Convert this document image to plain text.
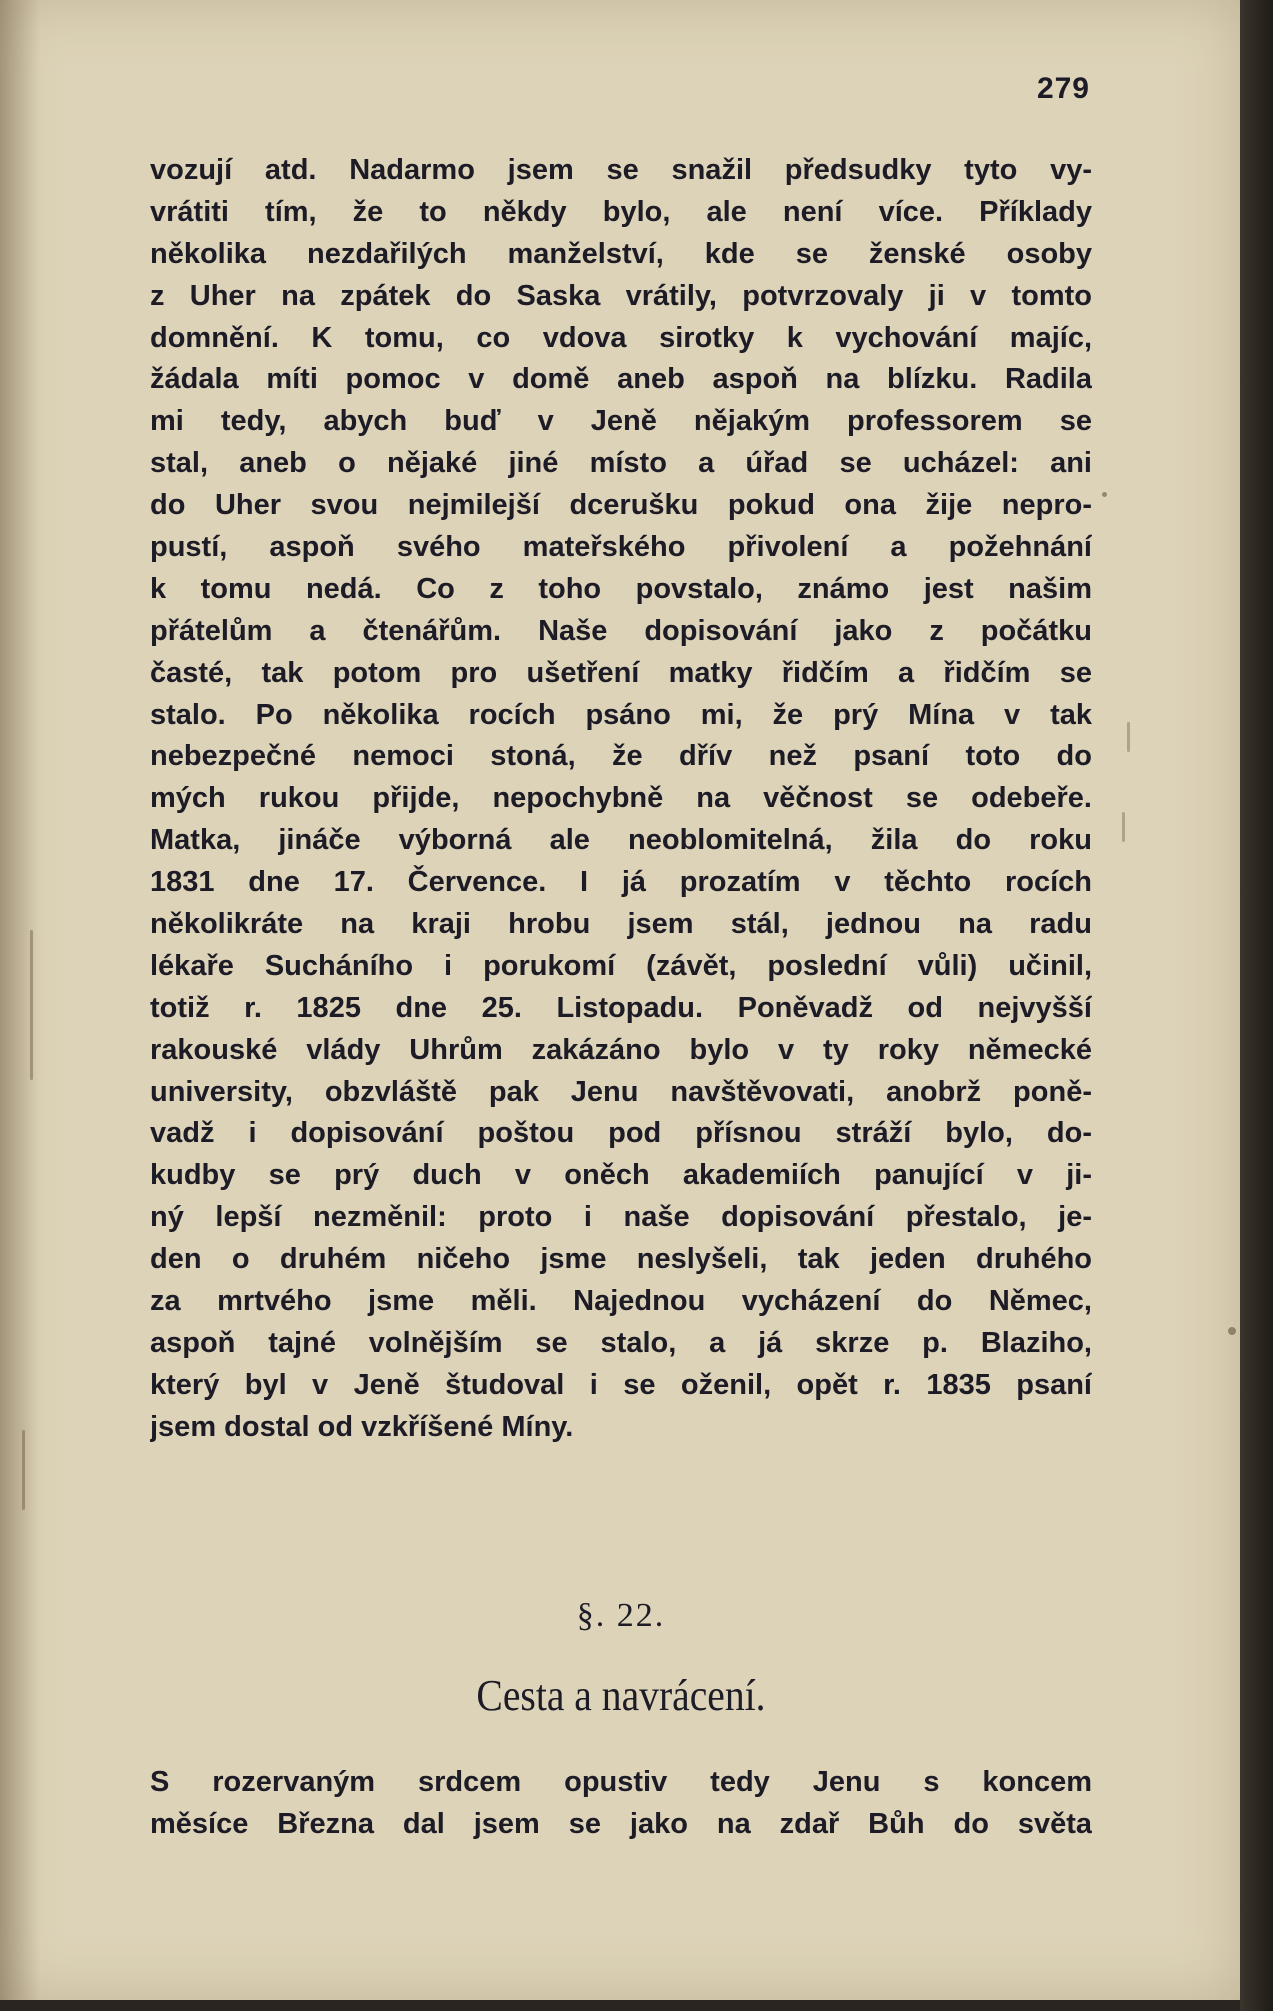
279
vozují atd. Nadarmo jsem se snažil předsudky tyto vy-
vrátiti tím, že to někdy bylo, ale není více. Příklady
několika nezdařilých manželství, kde se ženské osoby
z Uher na zpátek do Saska vrátily, potvrzovaly ji v tomto
domnění. K tomu, co vdova sirotky k vychování majíc,
žádala míti pomoc v domě aneb aspoň na blízku. Radila
mi tedy, abych buď v Jeně nějakým professorem se
stal, aneb o nějaké jiné místo a úřad se ucházel: ani
do Uher svou nejmilejší dcerušku pokud ona žije nepro-
pustí, aspoň svého mateřského přivolení a požehnání
k tomu nedá. Co z toho povstalo, známo jest našim
přátelům a čtenářům. Naše dopisování jako z počátku
časté, tak potom pro ušetření matky řidčím a řidčím se
stalo. Po několika rocích psáno mi, že prý Mína v tak
nebezpečné nemoci stoná, že dřív než psaní toto do
mých rukou přijde, nepochybně na věčnost se odebeře.
Matka, jináče výborná ale neoblomitelná, žila do roku
1831 dne 17. Července. I já prozatím v těchto rocích
několikráte na kraji hrobu jsem stál, jednou na radu
lékaře Sucháního i porukomí (závět, poslední vůli) učinil,
totiž r. 1825 dne 25. Listopadu. Poněvadž od nejvyšší
rakouské vlády Uhrům zakázáno bylo v ty roky německé
university, obzvláště pak Jenu navštěvovati, anobrž poně-
vadž i dopisování poštou pod přísnou stráží bylo, do-
kudby se prý duch v oněch akademiích panující v ji-
ný lepší nezměnil: proto i naše dopisování přestalo, je-
den o druhém ničeho jsme neslyšeli, tak jeden druhého
za mrtvého jsme měli. Najednou vycházení do Němec,
aspoň tajné volnějším se stalo, a já skrze p. Blaziho,
který byl v Jeně študoval i se oženil, opět r. 1835 psaní
jsem dostal od vzkříšené Míny.
§. 22.
Cesta a navrácení.
S rozervaným srdcem opustiv tedy Jenu s koncem
měsíce Března dal jsem se jako na zdař Bůh do světa
